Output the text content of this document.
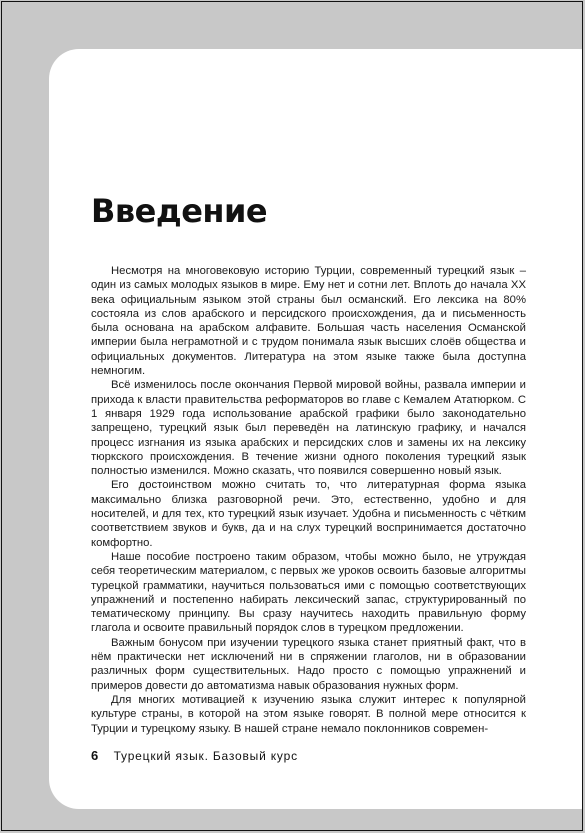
Введение

Несмотря на многовековую историю Турции, современный турецкий язык – один из самых молодых языков в мире. Ему нет и сотни лет. Вплоть до начала XX века официальным языком этой страны был османский. Его лексика на 80% состояла из слов арабского и персидского происхождения, да и письменность была основана на арабском алфавите. Большая часть населения Османской империи была неграмотной и с трудом понимала язык высших слоёв общества и официальных документов. Литература на этом языке также была доступна немногим.

Всё изменилось после окончания Первой мировой войны, развала империи и прихода к власти правительства реформаторов во главе с Кемалем Ататюрком. С 1 января 1929 года использование арабской графики было законодательно запрещено, турецкий язык был переведён на латинскую графику, и начался процесс изгнания из языка арабских и персидских слов и замены их на лексику тюркского происхождения. В течение жизни одного поколения турецкий язык полностью изменился. Можно сказать, что появился совершенно новый язык.

Его достоинством можно считать то, что литературная форма языка максимально близка разговорной речи. Это, естественно, удобно и для носителей, и для тех, кто турецкий язык изучает. Удобна и письменность с чётким соответствием звуков и букв, да и на слух турецкий воспринимается достаточно комфортно.

Наше пособие построено таким образом, чтобы можно было, не утруждая себя теоретическим материалом, с первых же уроков освоить базовые алгоритмы турецкой грамматики, научиться пользоваться ими с помощью соответствующих упражнений и постепенно набирать лексический запас, структурированный по тематическому принципу. Вы сразу научитесь находить правильную форму глагола и освоите правильный порядок слов в турецком предложении.

Важным бонусом при изучении турецкого языка станет приятный факт, что в нём практически нет исключений ни в спряжении глаголов, ни в образовании различных форм существительных. Надо просто с помощью упражнений и примеров довести до автоматизма навык образования нужных форм.

Для многих мотивацией к изучению языка служит интерес к популярной культуре страны, в которой на этом языке говорят. В полной мере относится к Турции и турецкому языку. В нашей стране немало поклонников современ-

6 Турецкий язык. Базовый курс
